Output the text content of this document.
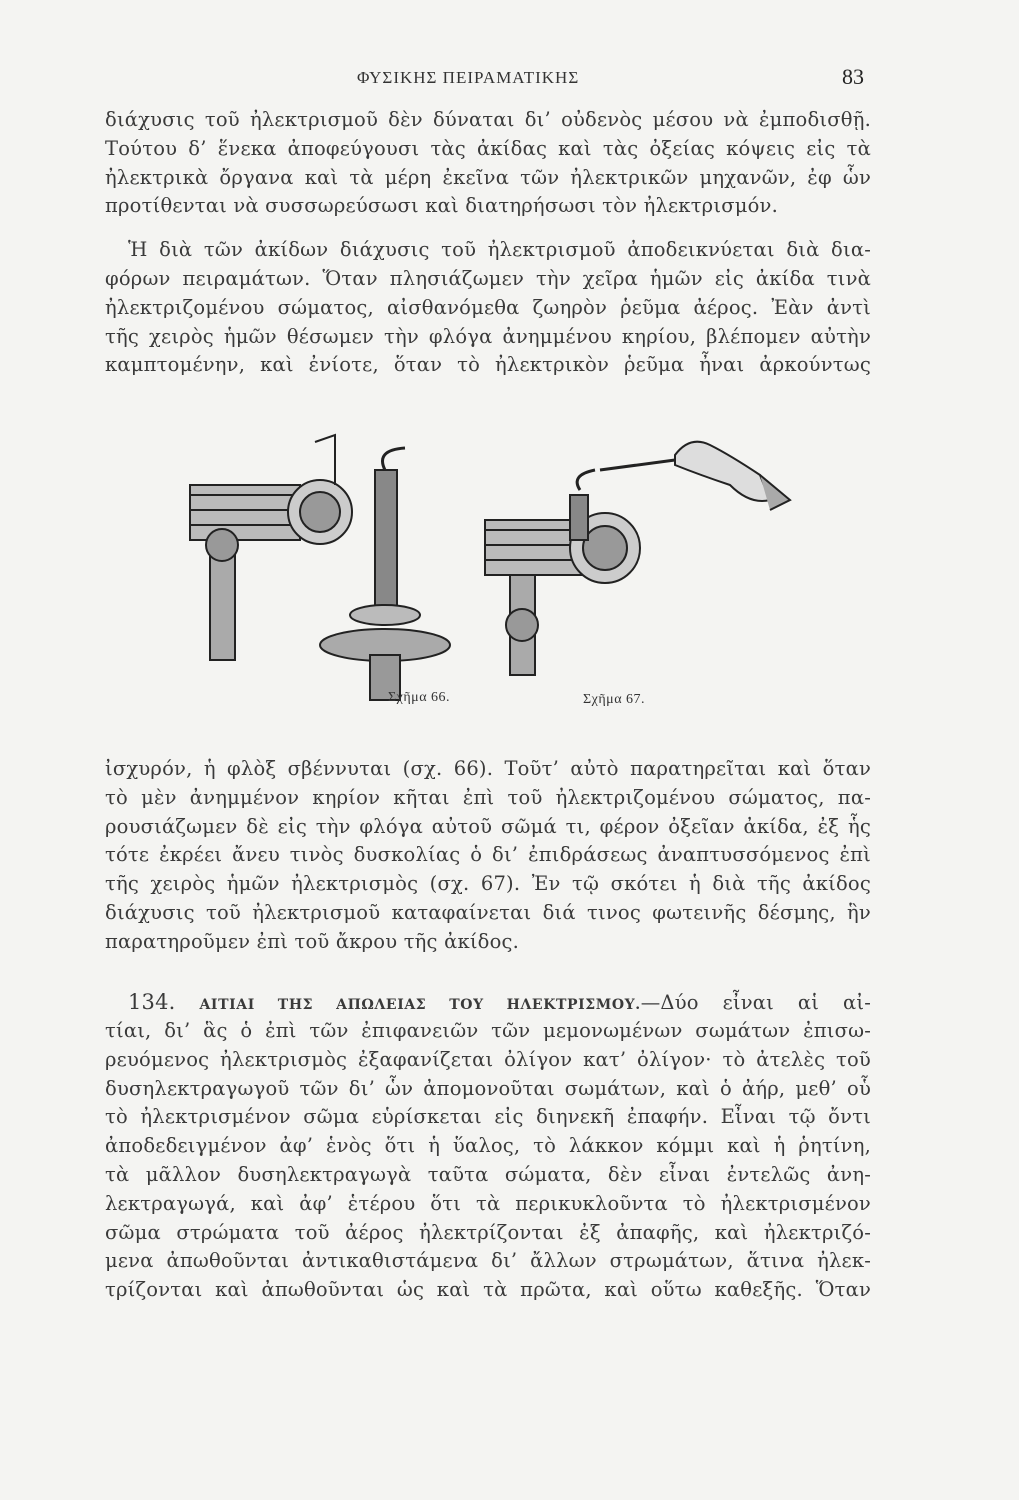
ΦΥΣΙΚΗΣ ΠΕΙΡΑΜΑΤΙΚΗΣ	83
διάχυσις τοῦ ἠλεκτρισμοῦ δὲν δύναται δι’ οὐδενὸς μέσου νὰ ἐμποδισθῇ.
Τούτου δ’ ἕνεκα ἀποφεύγουσι τὰς ἀκίδας καὶ τὰς ὀξείας κόψεις εἰς τὰ
ἠλεκτρικὰ ὄργανα καὶ τὰ μέρη ἐκεῖνα τῶν ἠλεκτρικῶν μηχανῶν, ἐφ ὧν
προτίθενται νὰ συσσωρεύσωσι καὶ διατηρήσωσι τὸν ἠλεκτρισμόν.
Ἡ διὰ τῶν ἀκίδων διάχυσις τοῦ ἠλεκτρισμοῦ ἀποδεικνύεται διὰ δια-
φόρων πειραμάτων. Ὅταν πλησιάζωμεν τὴν χεῖρα ἡμῶν εἰς ἀκίδα τινὰ
ἠλεκτριζομένου σώματος, αἰσθανόμεθα ζωηρὸν ῥεῦμα ἀέρος. Ἐὰν ἀντὶ
τῆς χειρὸς ἡμῶν θέσωμεν τὴν φλόγα ἀνημμένου κηρίου, βλέπομεν αὐτὴν
καμπτομένην, καὶ ἐνίοτε, ὅταν τὸ ἠλεκτρικὸν ῥεῦμα ἦναι ἀρκούντως
Σχῆμα 66.	Σχῆμα 67.
ἰσχυρόν, ἡ φλὸξ σβέννυται (σχ. 66). Τοῦτ’ αὐτὸ παρατηρεῖται καὶ ὅταν
τὸ μὲν ἀνημμένον κηρίον κῆται ἐπὶ τοῦ ἠλεκτριζομένου σώματος, πα-
ρουσιάζωμεν δὲ εἰς τὴν φλόγα αὐτοῦ σῶμά τι, φέρον ὀξεῖαν ἀκίδα, ἐξ ἧς
τότε ἐκρέει ἄνευ τινὸς δυσκολίας ὁ δι’ ἐπιδράσεως ἀναπτυσσόμενος ἐπὶ
τῆς χειρὸς ἡμῶν ἠλεκτρισμὸς (σχ. 67). Ἐν τῷ σκότει ἡ διὰ τῆς ἀκίδος
διάχυσις τοῦ ἠλεκτρισμοῦ καταφαίνεται διά τινος φωτεινῆς δέσμης, ἣν
παρατηροῦμεν ἐπὶ τοῦ ἄκρου τῆς ἀκίδος.
134. ΑΙΤΙΑΙ ΤΗΣ ΑΠΩΛΕΙΑΣ ΤΟΥ ΗΛΕΚΤΡΙΣΜΟΥ.—Δύο εἶναι αἱ αἰ-
τίαι, δι’ ἃς ὁ ἐπὶ τῶν ἐπιφανειῶν τῶν μεμονωμένων σωμάτων ἐπισω-
ρευόμενος ἠλεκτρισμὸς ἐξαφανίζεται ὀλίγον κατ’ ὀλίγον· τὸ ἀτελὲς τοῦ
δυσηλεκτραγωγοῦ τῶν δι’ ὧν ἀπομονοῦται σωμάτων, καὶ ὁ ἀήρ, μεθ’ οὗ
τὸ ἠλεκτρισμένον σῶμα εὑρίσκεται εἰς διηνεκῆ ἐπαφήν. Εἶναι τῷ ὄντι
ἀποδεδειγμένον ἀφ’ ἑνὸς ὅτι ἡ ὕαλος, τὸ λάκκον κόμμι καὶ ἡ ῥητίνη,
τὰ μᾶλλον δυσηλεκτραγωγὰ ταῦτα σώματα, δὲν εἶναι ἐντελῶς ἀνη-
λεκτραγωγά, καὶ ἀφ’ ἑτέρου ὅτι τὰ περικυκλοῦντα τὸ ἠλεκτρισμένον
σῶμα στρώματα τοῦ ἀέρος ἠλεκτρίζονται ἐξ ἀπαφῆς, καὶ ἠλεκτριζό-
μενα ἀπωθοῦνται ἀντικαθιστάμενα δι’ ἄλλων στρωμάτων, ἅτινα ἠλεκ-
τρίζονται καὶ ἀπωθοῦνται ὡς καὶ τὰ πρῶτα, καὶ οὕτω καθεξῆς. Ὅταν
